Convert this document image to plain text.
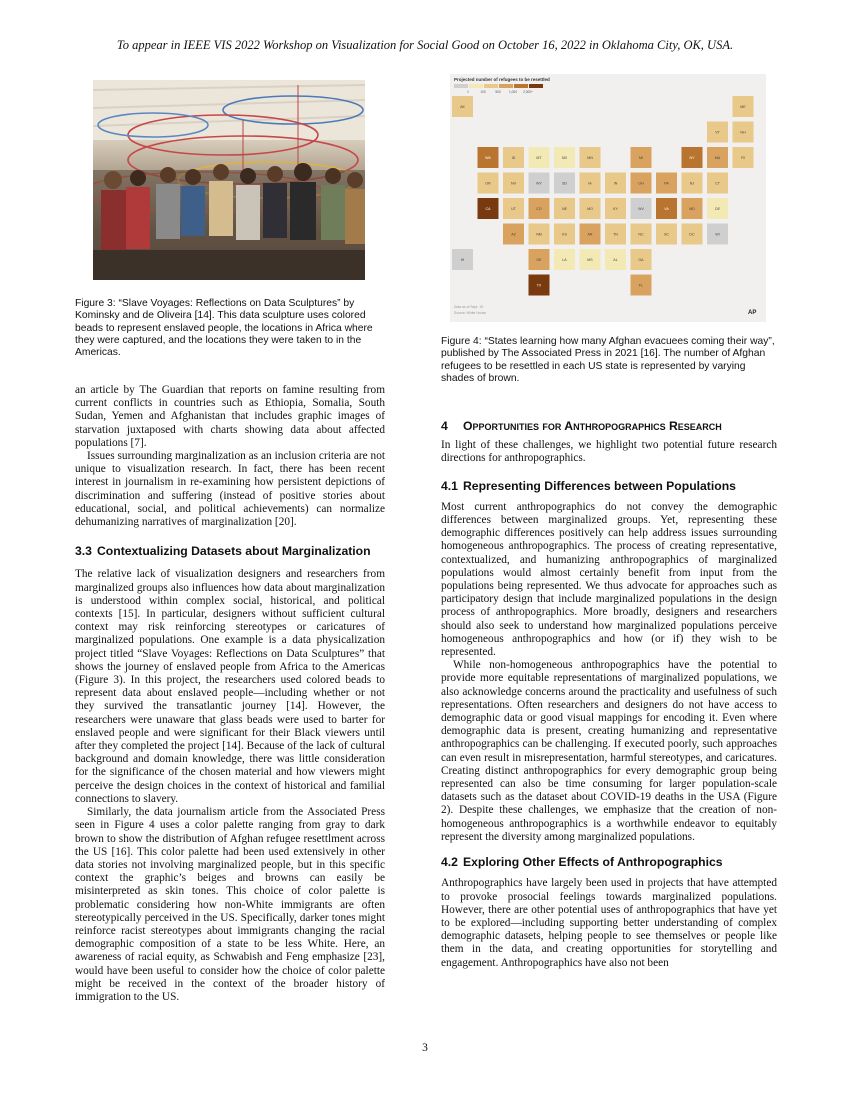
To appear in IEEE VIS 2022 Workshop on Visualization for Social Good on October 16, 2022 in Oklahoma City, OK, USA.
Figure 3: “Slave Voyages: Reflections on Data Sculptures” by Kominsky and de Oliveira [14]. This data sculpture uses colored beads to represent enslaved people, the locations in Africa where they were captured, and the locations they were taken to in the Americas.

an article by The Guardian that reports on famine resulting from current conflicts in countries such as Ethiopia, Somalia, South Sudan, Yemen and Afghanistan that includes graphic images of starvation juxtaposed with charts showing data about affected populations [7].

Issues surrounding marginalization as an inclusion criteria are not unique to visualization research. In fact, there has been recent interest in journalism in re-examining how persistent depictions of discrimination and suffering (instead of positive stories about educational, social, and political achievements) can normalize dehumanizing narratives of marginalization [20].

3.3 Contextualizing Datasets about Marginalization

The relative lack of visualization designers and researchers from marginalized groups also influences how data about marginalization is understood within complex social, historical, and political contexts [15]. In particular, designers without sufficient cultural context may risk reinforcing stereotypes or caricatures of marginalized populations. One example is a data physicalization project titled “Slave Voyages: Reflections on Data Sculptures” that shows the journey of enslaved people from Africa to the Americas (Figure 3). In this project, the researchers used colored beads to represent data about enslaved people—including whether or not they survived the transatlantic journey [14]. However, the researchers were unaware that glass beads were used to barter for enslaved people and were significant for their Black viewers until after they completed the project [14]. Because of the lack of cultural background and domain knowledge, there was little consideration for the significance of the chosen material and how viewers might perceive the design choices in the context of historical and familial connections to slavery.

Similarly, the data journalism article from the Associated Press seen in Figure 4 uses a color palette ranging from gray to dark brown to show the distribution of Afghan refugee resettlment across the US [16]. This color palette had been used extensively in other data stories not involving marginalized people, but in this specific context the graphic’s beiges and browns can easily be misinterpreted as skin tones. This choice of color palette is problematic considering how non-White immigrants are often stereotypically perceived in the US. Specifically, darker tones might reinforce racist stereotypes about immigrants changing the racial demographic composition of a state to be less White. Here, an awareness of racial equity, as Schwabish and Feng emphasize [23], would have been useful to consider how the choice of color palette might be received in the context of the broader history of immigration to the US.

Projected number of refugees to be resettled
1	100	500	1,000 2,000+
AK	ME
VT	NH
WA	ID	MT	ND	MN	MI	NY	MA	RI
OR	NV	WY	SD	IA	IN	OH	PA	NJ	CT
CA	UT	CO	NE	MO	KY	WV	VA	MD	DE
AZ	NM	KS	AR	TN	NC	SC	DC	WI
HI	OK	LA	MS	AL	GA
TX	FL
Data as of Sept. 15
Source: White House	AP
Figure 4: “States learning how many Afghan evacuees coming their way”, published by The Associated Press in 2021 [16]. The number of Afghan refugees to be resettled in each US state is represented by varying shades of brown.

4 Opportunities for Anthropographics Research

In light of these challenges, we highlight two potential future research directions for anthropographics.

4.1 Representing Differences between Populations

Most current anthropographics do not convey the demographic differences between marginalized groups. Yet, representing these demographic differences positively can help address issues surrounding homogeneous anthropographics. The process of creating representative, contextualized, and humanizing anthropographics of marginalized populations would almost certainly benefit from input from the populations being represented. We thus advocate for approaches such as participatory design that include marginalized populations in the design process of anthropographics. More broadly, designers and researchers should also seek to understand how marginalized populations perceive homogeneous anthropographics and how (or if) they wish to be represented.

While non-homogeneous anthropographics have the potential to provide more equitable representations of marginalized populations, we also acknowledge concerns around the practicality and usefulness of such representations. Often researchers and designers do not have access to demographic data or good visual mappings for encoding it. Even where demographic data is present, creating humanizing and representative anthropographics can be challenging. If executed poorly, such approaches can even result in misrepresentation, harmful stereotypes, and caricatures. Creating distinct anthropographics for every demographic group being represented can also be time consuming for larger population-scale datasets such as the dataset about COVID-19 deaths in the USA (Figure 2). Despite these challenges, we emphasize that the creation of non-homogeneous anthropographics is a worthwhile endeavor to equitably represent the diversity among marginalized populations.

4.2 Exploring Other Effects of Anthropographics

Anthropographics have largely been used in projects that have attempted to provoke prosocial feelings towards marginalized populations. However, there are other potential uses of anthropographics that have yet to be explored—including supporting better understanding of complex demographic datasets, helping people to see themselves or people like them in the data, and creating opportunities for storytelling and engagement. Anthropographics have also not been

3
